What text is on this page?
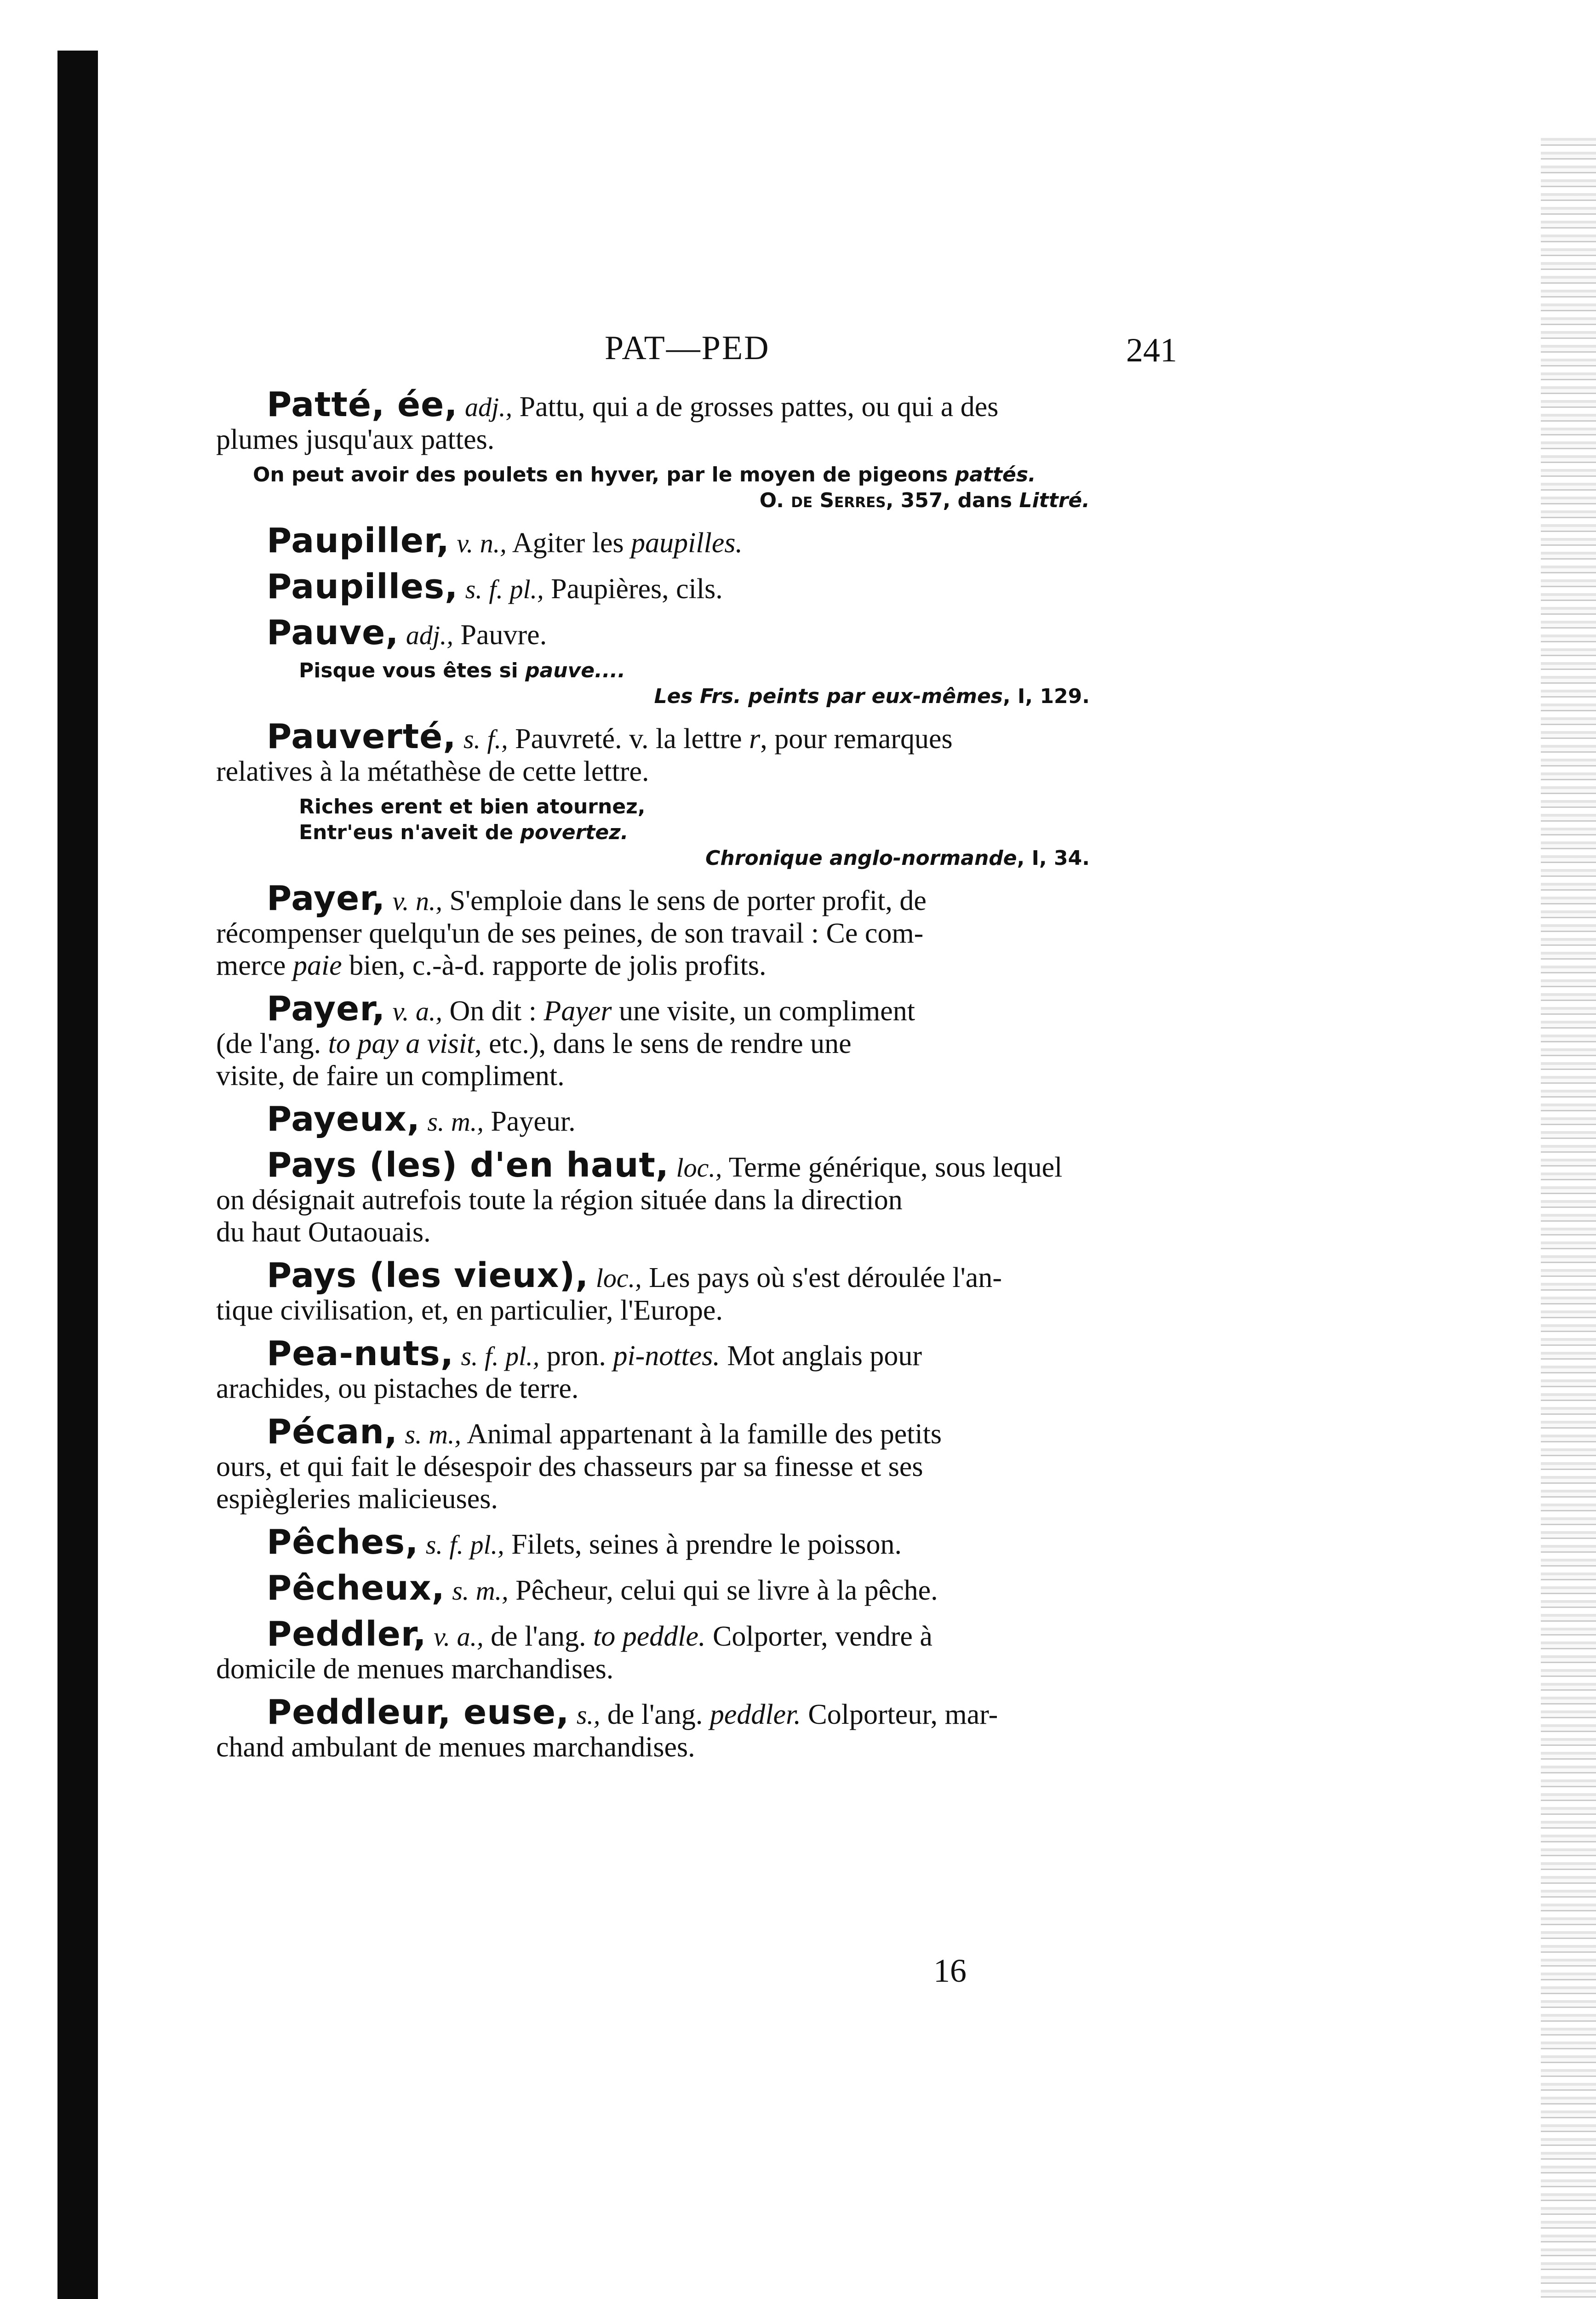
PAT—PED	241

Patté, ée, adj., Pattu, qui a de grosses pattes, ou qui a des
plumes jusqu'aux pattes.

On peut avoir des poulets en hyver, par le moyen de pigeons pattés.
O. de Serres, 357, dans Littré.

Paupiller, v. n., Agiter les paupilles.

Paupilles, s. f. pl., Paupières, cils.

Pauve, adj., Pauvre.

Pisque vous êtes si pauve....
Les Frs. peints par eux-mêmes, I, 129.

Pauverté, s. f., Pauvreté. v. la lettre r, pour remarques
relatives à la métathèse de cette lettre.

Riches erent et bien atournez,
Entr'eus n'aveit de povertez.
Chronique anglo-normande, I, 34.

Payer, v. n., S'emploie dans le sens de porter profit, de
récompenser quelqu'un de ses peines, de son travail : Ce com-
merce paie bien, c.-à-d. rapporte de jolis profits.

Payer, v. a., On dit : Payer une visite, un compliment
(de l'ang. to pay a visit, etc.), dans le sens de rendre une
visite, de faire un compliment.

Payeux, s. m., Payeur.

Pays (les) d'en haut, loc., Terme générique, sous lequel
on désignait autrefois toute la région située dans la direction
du haut Outaouais.

Pays (les vieux), loc., Les pays où s'est déroulée l'an-
tique civilisation, et, en particulier, l'Europe.

Pea-nuts, s. f. pl., pron. pi-nottes. Mot anglais pour
arachides, ou pistaches de terre.

Pécan, s. m., Animal appartenant à la famille des petits
ours, et qui fait le désespoir des chasseurs par sa finesse et ses
espiègleries malicieuses.

Pêches, s. f. pl., Filets, seines à prendre le poisson.

Pêcheux, s. m., Pêcheur, celui qui se livre à la pêche.

Peddler, v. a., de l'ang. to peddle. Colporter, vendre à
domicile de menues marchandises.

Peddleur, euse, s., de l'ang. peddler. Colporteur, mar-
chand ambulant de menues marchandises.

16
